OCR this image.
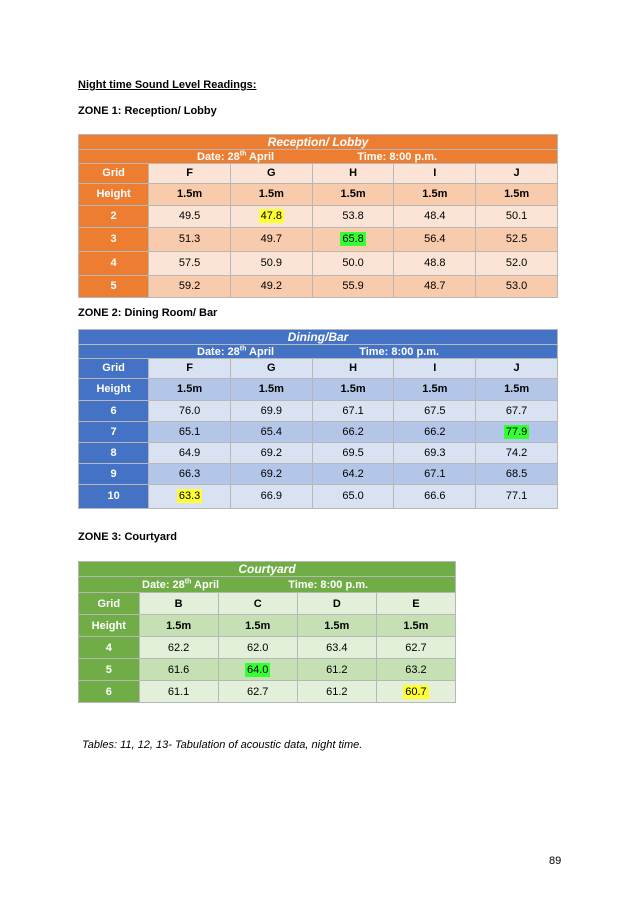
Night time Sound Level Readings:
ZONE 1: Reception/ Lobby
Reception/ Lobby					
Date: 28th April Time: 8:00 p.m.					
Grid	F	G	H	I	J
Height	1.5m	1.5m	1.5m	1.5m	1.5m
2	49.5	47.8	53.8	48.4	50.1
3	51.3	49.7	65.8	56.4	52.5
4	57.5	50.9	50.0	48.8	52.0
5	59.2	49.2	55.9	48.7	53.0
ZONE 2: Dining Room/ Bar
Dining/Bar					
Date: 28th April Time: 8:00 p.m.					
Grid	F	G	H	I	J
Height	1.5m	1.5m	1.5m	1.5m	1.5m
6	76.0	69.9	67.1	67.5	67.7
7	65.1	65.4	66.2	66.2	77.9
8	64.9	69.2	69.5	69.3	74.2
9	66.3	69.2	64.2	67.1	68.5
10	63.3	66.9	65.0	66.6	77.1
ZONE 3: Courtyard
Courtyard				
Date: 28th April Time: 8:00 p.m.				
Grid	B	C	D	E
Height	1.5m	1.5m	1.5m	1.5m
4	62.2	62.0	63.4	62.7
5	61.6	64.0	61.2	63.2
6	61.1	62.7	61.2	60.7
Tables: 11, 12, 13- Tabulation of acoustic data, night time.
89
